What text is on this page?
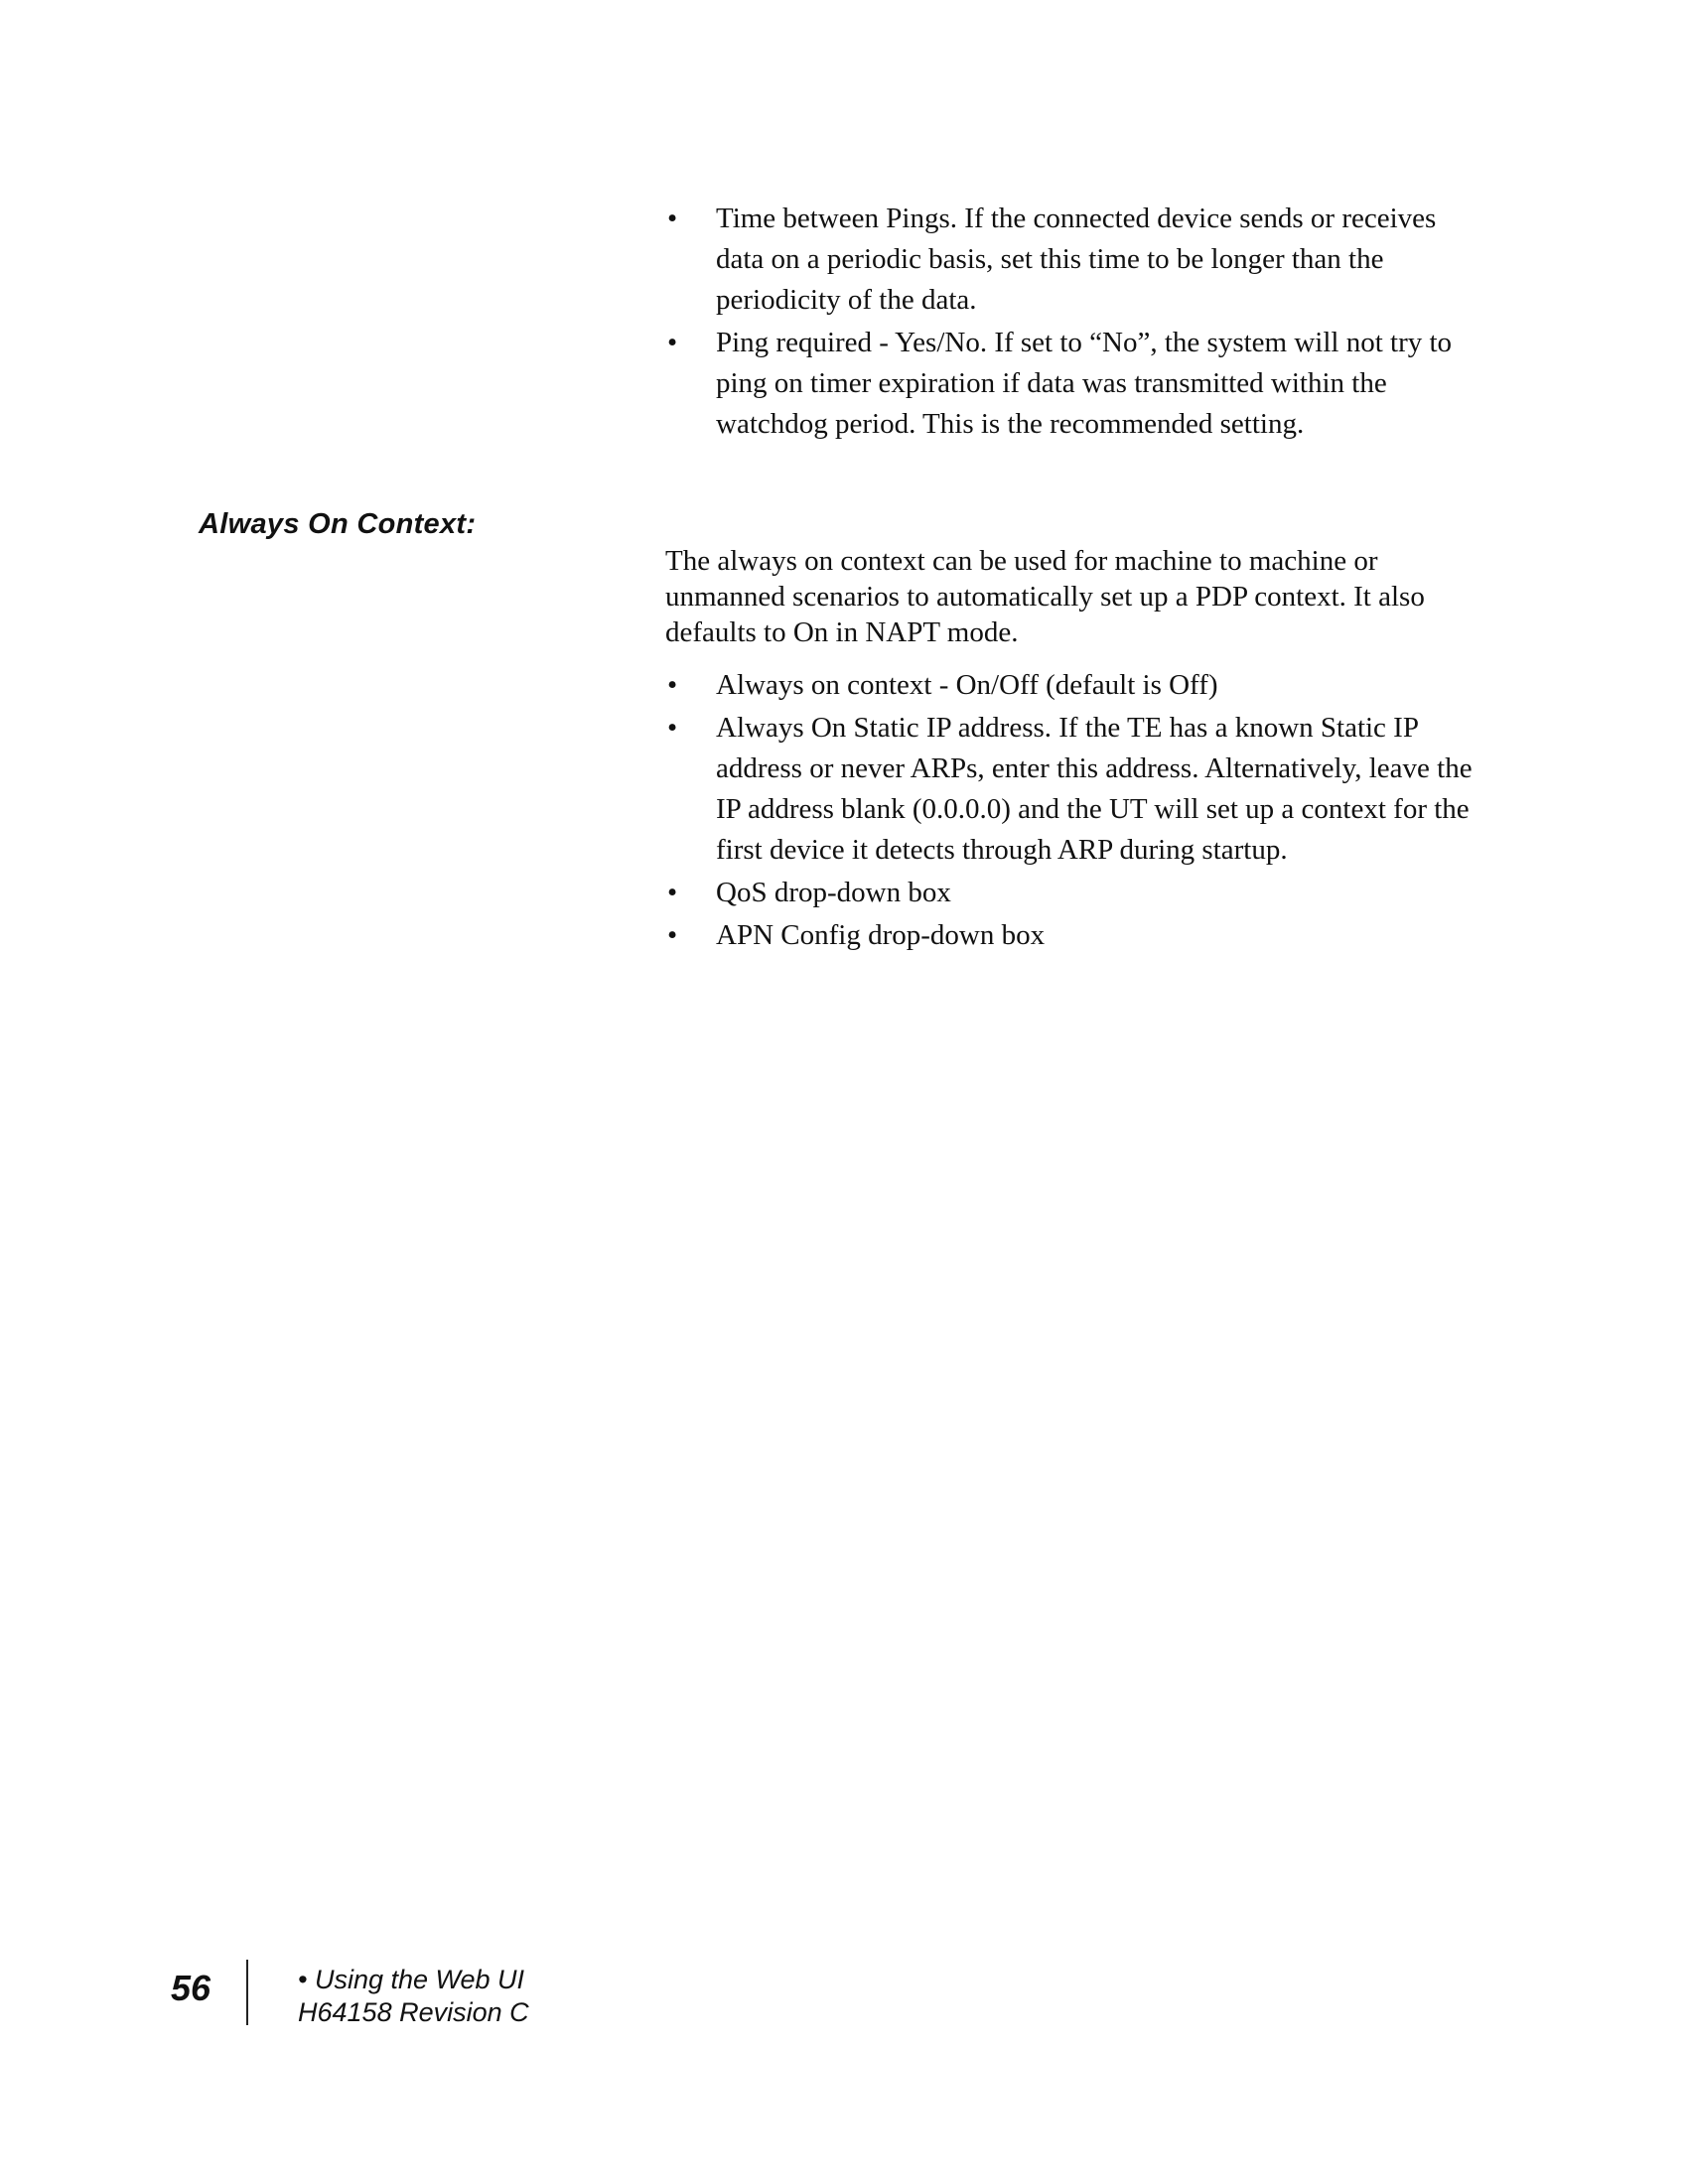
• Time between Pings. If the connected device sends or receives data on a periodic basis, set this time to be longer than the periodicity of the data.
• Ping required - Yes/No. If set to “No”, the system will not try to ping on timer expiration if data was transmitted within the watchdog period. This is the recommended setting.
Always On Context:

The always on context can be used for machine to machine or unmanned scenarios to automatically set up a PDP context. It also defaults to On in NAPT mode.

• Always on context - On/Off (default is Off)
• Always On Static IP address. If the TE has a known Static IP address or never ARPs, enter this address. Alternatively, leave the IP address blank (0.0.0.0) and the UT will set up a context for the first device it detects through ARP during startup.
• QoS drop-down box
• APN Config drop-down box
56	• Using the Web UI
H64158 Revision C
